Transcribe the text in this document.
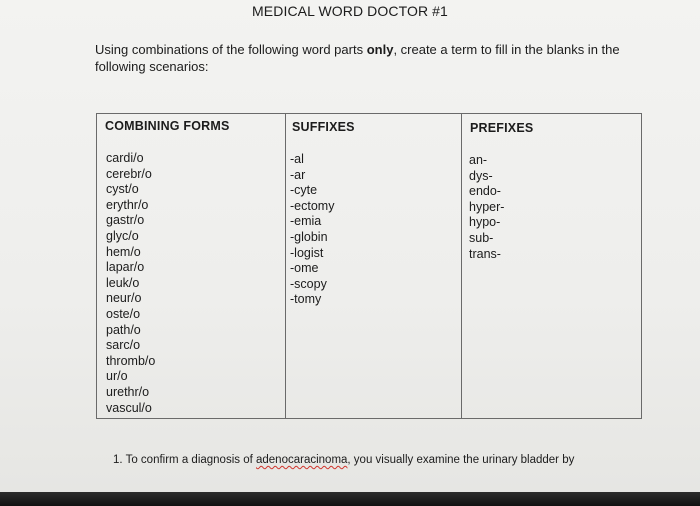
MEDICAL WORD DOCTOR #1
Using combinations of the following word parts only, create a term to fill in the blanks in the following scenarios:
COMBINING FORMS
cardi/o
cerebr/o
cyst/o
erythr/o
gastr/o
glyc/o
hem/o
lapar/o
leuk/o
neur/o
oste/o
path/o
sarc/o
thromb/o
ur/o
urethr/o
vascul/o
SUFFIXES
-al
-ar
-cyte
-ectomy
-emia
-globin
-logist
-ome
-scopy
-tomy
PREFIXES
an-
dys-
endo-
hyper-
hypo-
sub-
trans-
1. To confirm a diagnosis of adenocaracinoma, you visually examine the urinary bladder by
